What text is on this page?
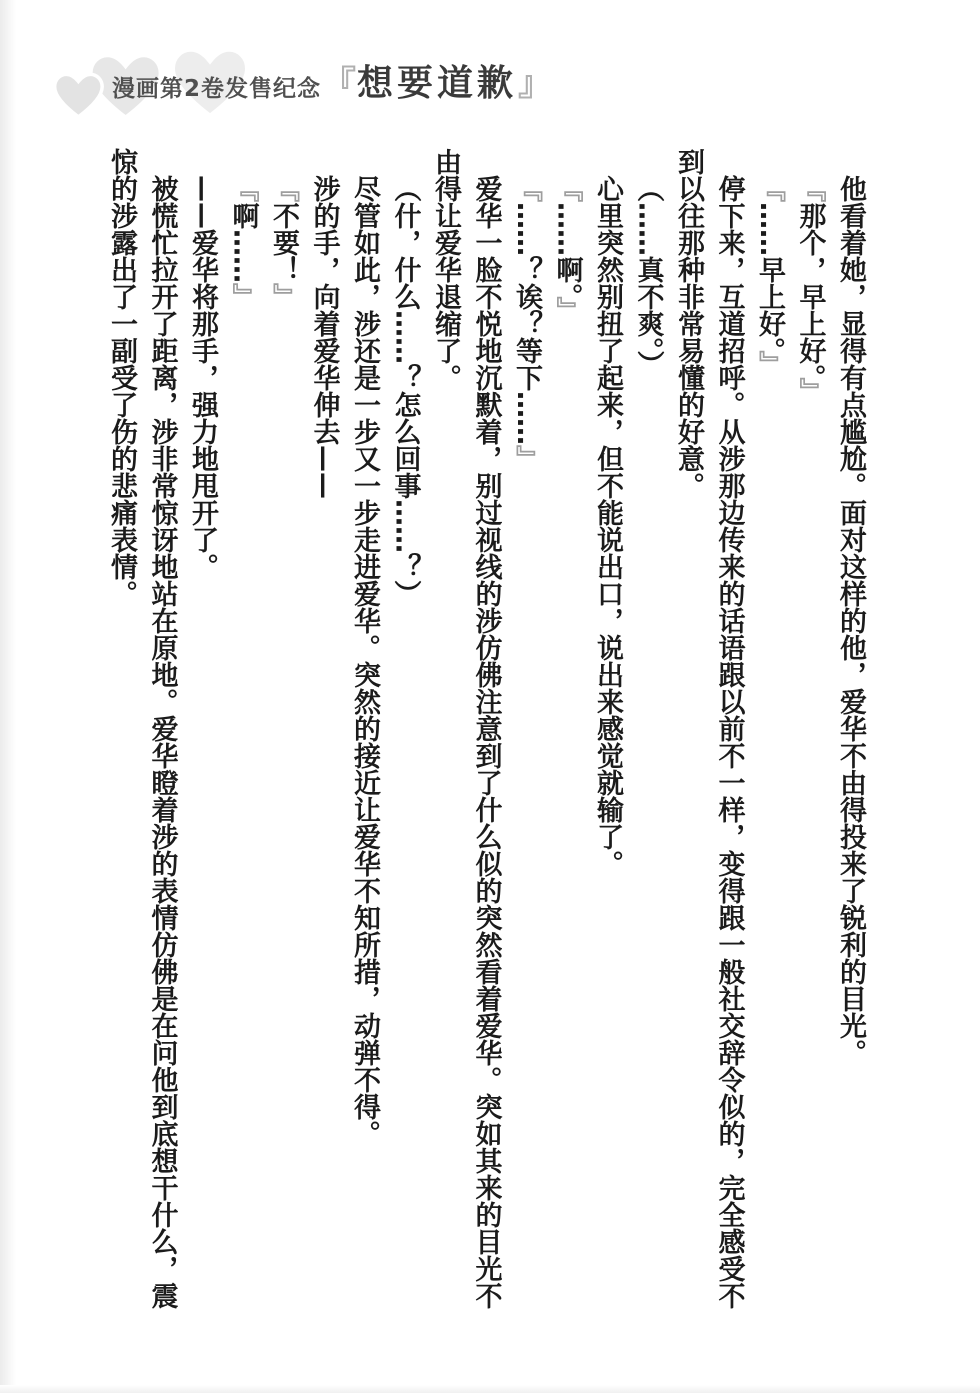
漫画第2卷发售纪念 『 想要道歉 』

他看着她，显得有点尴尬。面对这样的他，爱华不由得投来了锐利的目光。

『那个，早上好。』

『……早上好。』

停下来，互道招呼。从涉那边传来的话语跟以前不一样，变得跟一般社交辞令似的，完全感受不到以往那种非常易懂的好意。

（……真不爽。）

心里突然别扭了起来，但不能说出口，说出来感觉就输了。

『……啊。』

『……？诶？等下……』

爱华一脸不悦地沉默着，别过视线的涉仿佛注意到了什么似的突然看着爱华。突如其来的目光不由得让爱华退缩了。

（什，什么……？怎么回事……？）

尽管如此，涉还是一步又一步走进爱华。突然的接近让爱华不知所措，动弹不得。

涉的手，向着爱华伸去——

『不要！』

『啊……』

——爱华将那手，强力地甩开了。

被慌忙拉开了距离，涉非常惊讶地站在原地。爱华瞪着涉的表情仿佛是在问他到底想干什么，震惊的涉露出了一副受了伤的悲痛表情。
